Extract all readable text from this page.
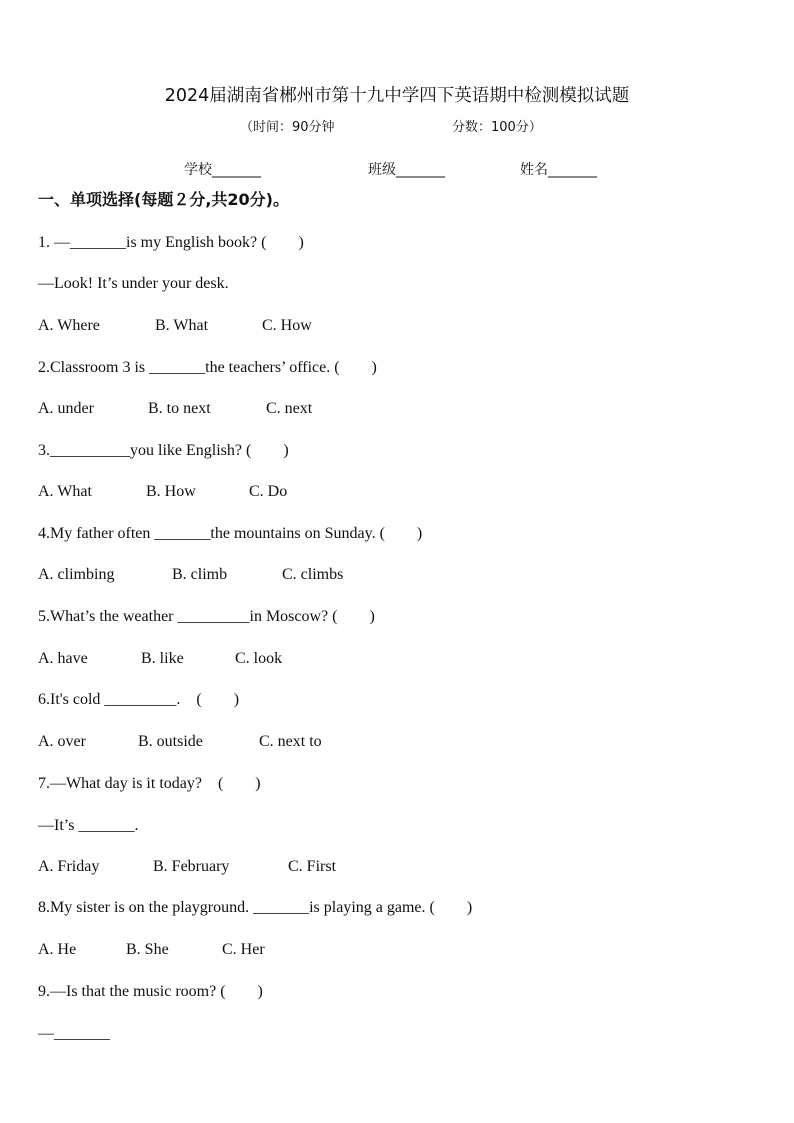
2024届湖南省郴州市第十九中学四下英语期中检测模拟试题
（时间：90分钟	分数：100分）
学校_______	班级_______	姓名_______
一、单项选择(每题２分,共20分)。
1. —_______is my English book? (　　)
—Look! It’s under your desk.
A. Where	B. What	C. How
2.Classroom 3 is _______the teachers’ office. (　　)
A. under	B. to next	C. next
3.__________you like English? (　　)
A. What	B. How	C. Do
4.My father often _______the mountains on Sunday. (　　)
A. climbing	B. climb	C. climbs
5.What’s the weather _________in Moscow? (　　)
A. have	B. like	C. look
6.It's cold _________.　(　　)
A. over	B. outside	C. next to
7.—What day is it today?　(　　)
—It’s _______.
A. Friday	B. February	C. First
8.My sister is on the playground. _______is playing a game. (　　)
A. He	B. She	C. Her
9.—Is that the music room? (　　)
—_______
